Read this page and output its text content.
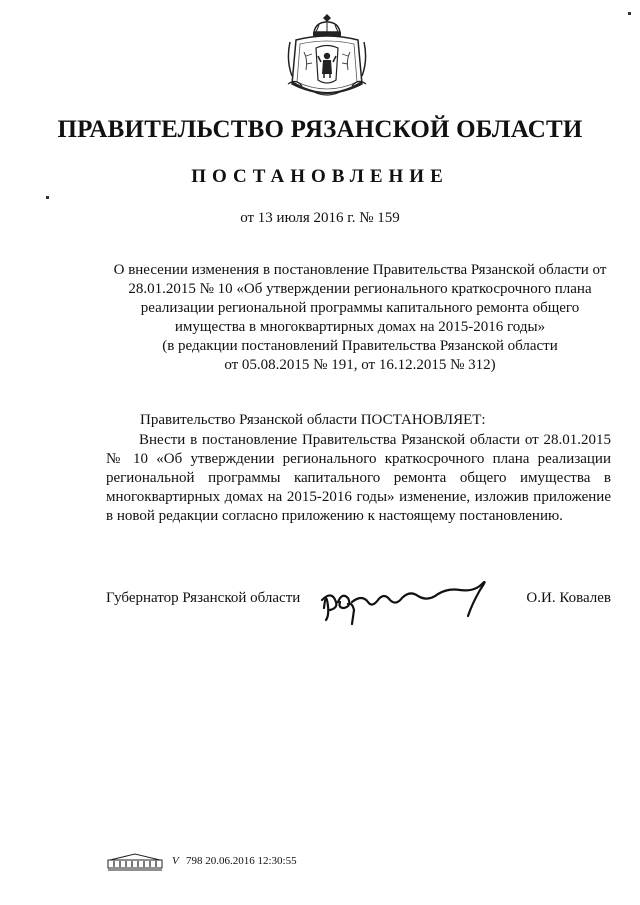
ПРАВИТЕЛЬСТВО РЯЗАНСКОЙ ОБЛАСТИ
ПОСТАНОВЛЕНИЕ
от 13 июля 2016 г. № 159
О внесении изменения в постановление Правительства Рязанской области от
28.01.2015 № 10 «Об утверждении регионального краткосрочного плана
реализации региональной программы капитального ремонта общего
имущества в многоквартирных домах на 2015-2016 годы»
(в редакции постановлений Правительства Рязанской области
от 05.08.2015 № 191, от 16.12.2015 № 312)
Правительство Рязанской области ПОСТАНОВЛЯЕТ:
Внести в постановление Правительства Рязанской области от 28.01.2015 № 10 «Об утверждении регионального краткосрочного плана реализации региональной программы капитального ремонта общего имущества в многоквартирных домах на 2015-2016 годы» изменение, изложив приложение в новой редакции согласно приложению к настоящему постановлению.
Губернатор Рязанской области	О.И. Ковалев
V 798 20.06.2016 12:30:55
